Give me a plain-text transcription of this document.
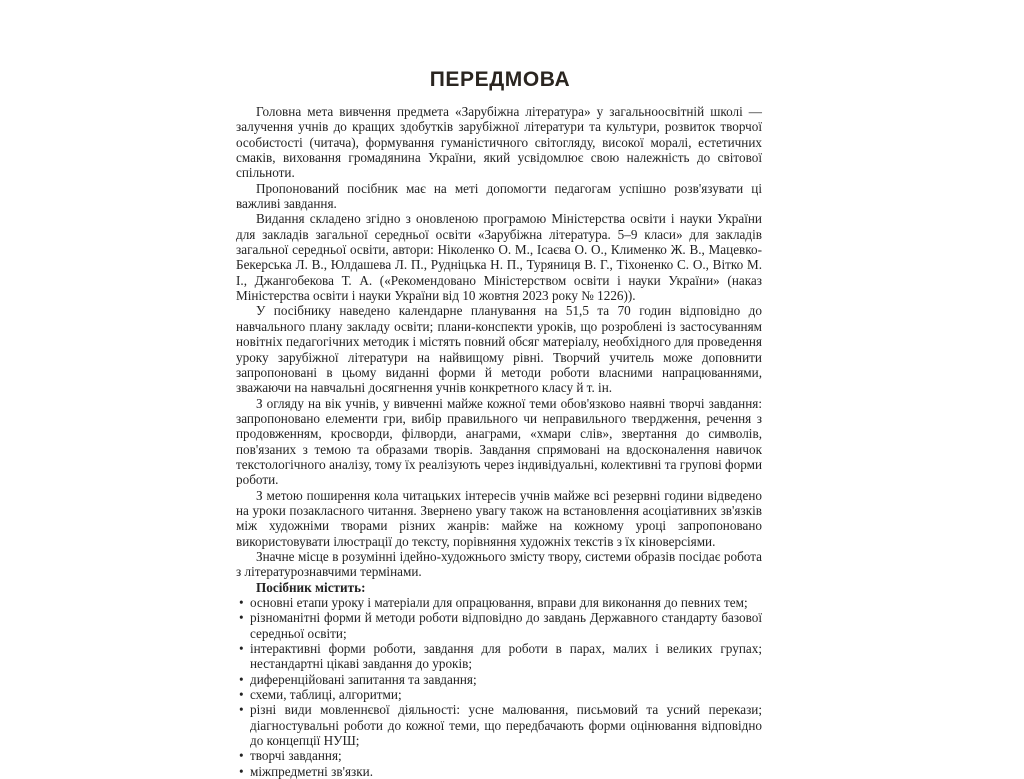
ПЕРЕДМОВА

Головна мета вивчення предмета «Зарубіжна література» у загальноосвітній школі — залучення учнів до кращих здобутків зарубіжної літератури та культури, розвиток творчої особистості (читача), формування гуманістичного світогляду, високої моралі, естетичних смаків, виховання громадянина України, який усвідомлює свою належність до світової спільноти.

Пропонований посібник має на меті допомогти педагогам успішно розв'язувати ці важливі завдання.

Видання складено згідно з оновленою програмою Міністерства освіти і науки України для закладів загальної середньої освіти «Зарубіжна література. 5–9 класи» для закладів загальної середньої освіти, автори: Ніколенко О. М., Ісаєва О. О., Клименко Ж. В., Мацевко-Бекерська Л. В., Юлдашева Л. П., Рудніцька Н. П., Туряниця В. Г., Тіхоненко С. О., Вітко М. І., Джангобекова Т. А. («Рекомендовано Міністерством освіти і науки України» (наказ Міністерства освіти і науки України від 10 жовтня 2023 року № 1226)).

У посібнику наведено календарне планування на 51,5 та 70 годин відповідно до навчального плану закладу освіти; плани-конспекти уроків, що розроблені із застосуванням новітніх педагогічних методик і містять повний обсяг матеріалу, необхідного для проведення уроку зарубіжної літератури на найвищому рівні. Творчий учитель може доповнити запропоновані в цьому виданні форми й методи роботи власними напрацюваннями, зважаючи на навчальні досягнення учнів конкретного класу й т. ін.

З огляду на вік учнів, у вивченні майже кожної теми обов'язково наявні творчі завдання: запропоновано елементи гри, вибір правильного чи неправильного твердження, речення з продовженням, кросворди, філворди, анаграми, «хмари слів», звертання до символів, пов'язаних з темою та образами творів. Завдання спрямовані на вдосконалення навичок текстологічного аналізу, тому їх реалізують через індивідуальні, колективні та групові форми роботи.

З метою поширення кола читацьких інтересів учнів майже всі резервні години відведено на уроки позакласного читання. Звернено увагу також на встановлення асоціативних зв'язків між художніми творами різних жанрів: майже на кожному уроці запропоновано використовувати ілюстрації до тексту, порівняння художніх текстів з їх кіноверсіями.

Значне місце в розумінні ідейно-художнього змісту твору, системи образів посідає робота з літературознавчими термінами.

Посібник містить:

• основні етапи уроку і матеріали для опрацювання, вправи для виконання до певних тем;
• різноманітні форми й методи роботи відповідно до завдань Державного стандарту базової середньої освіти;
• інтерактивні форми роботи, завдання для роботи в парах, малих і великих групах; нестандартні цікаві завдання до уроків;
• диференційовані запитання та завдання;
• схеми, таблиці, алгоритми;
• різні види мовленнєвої діяльності: усне малювання, письмовий та усний перекази; діагностувальні роботи до кожної теми, що передбачають форми оцінювання відповідно до концепції НУШ;
• творчі завдання;
• міжпредметні зв'язки.
